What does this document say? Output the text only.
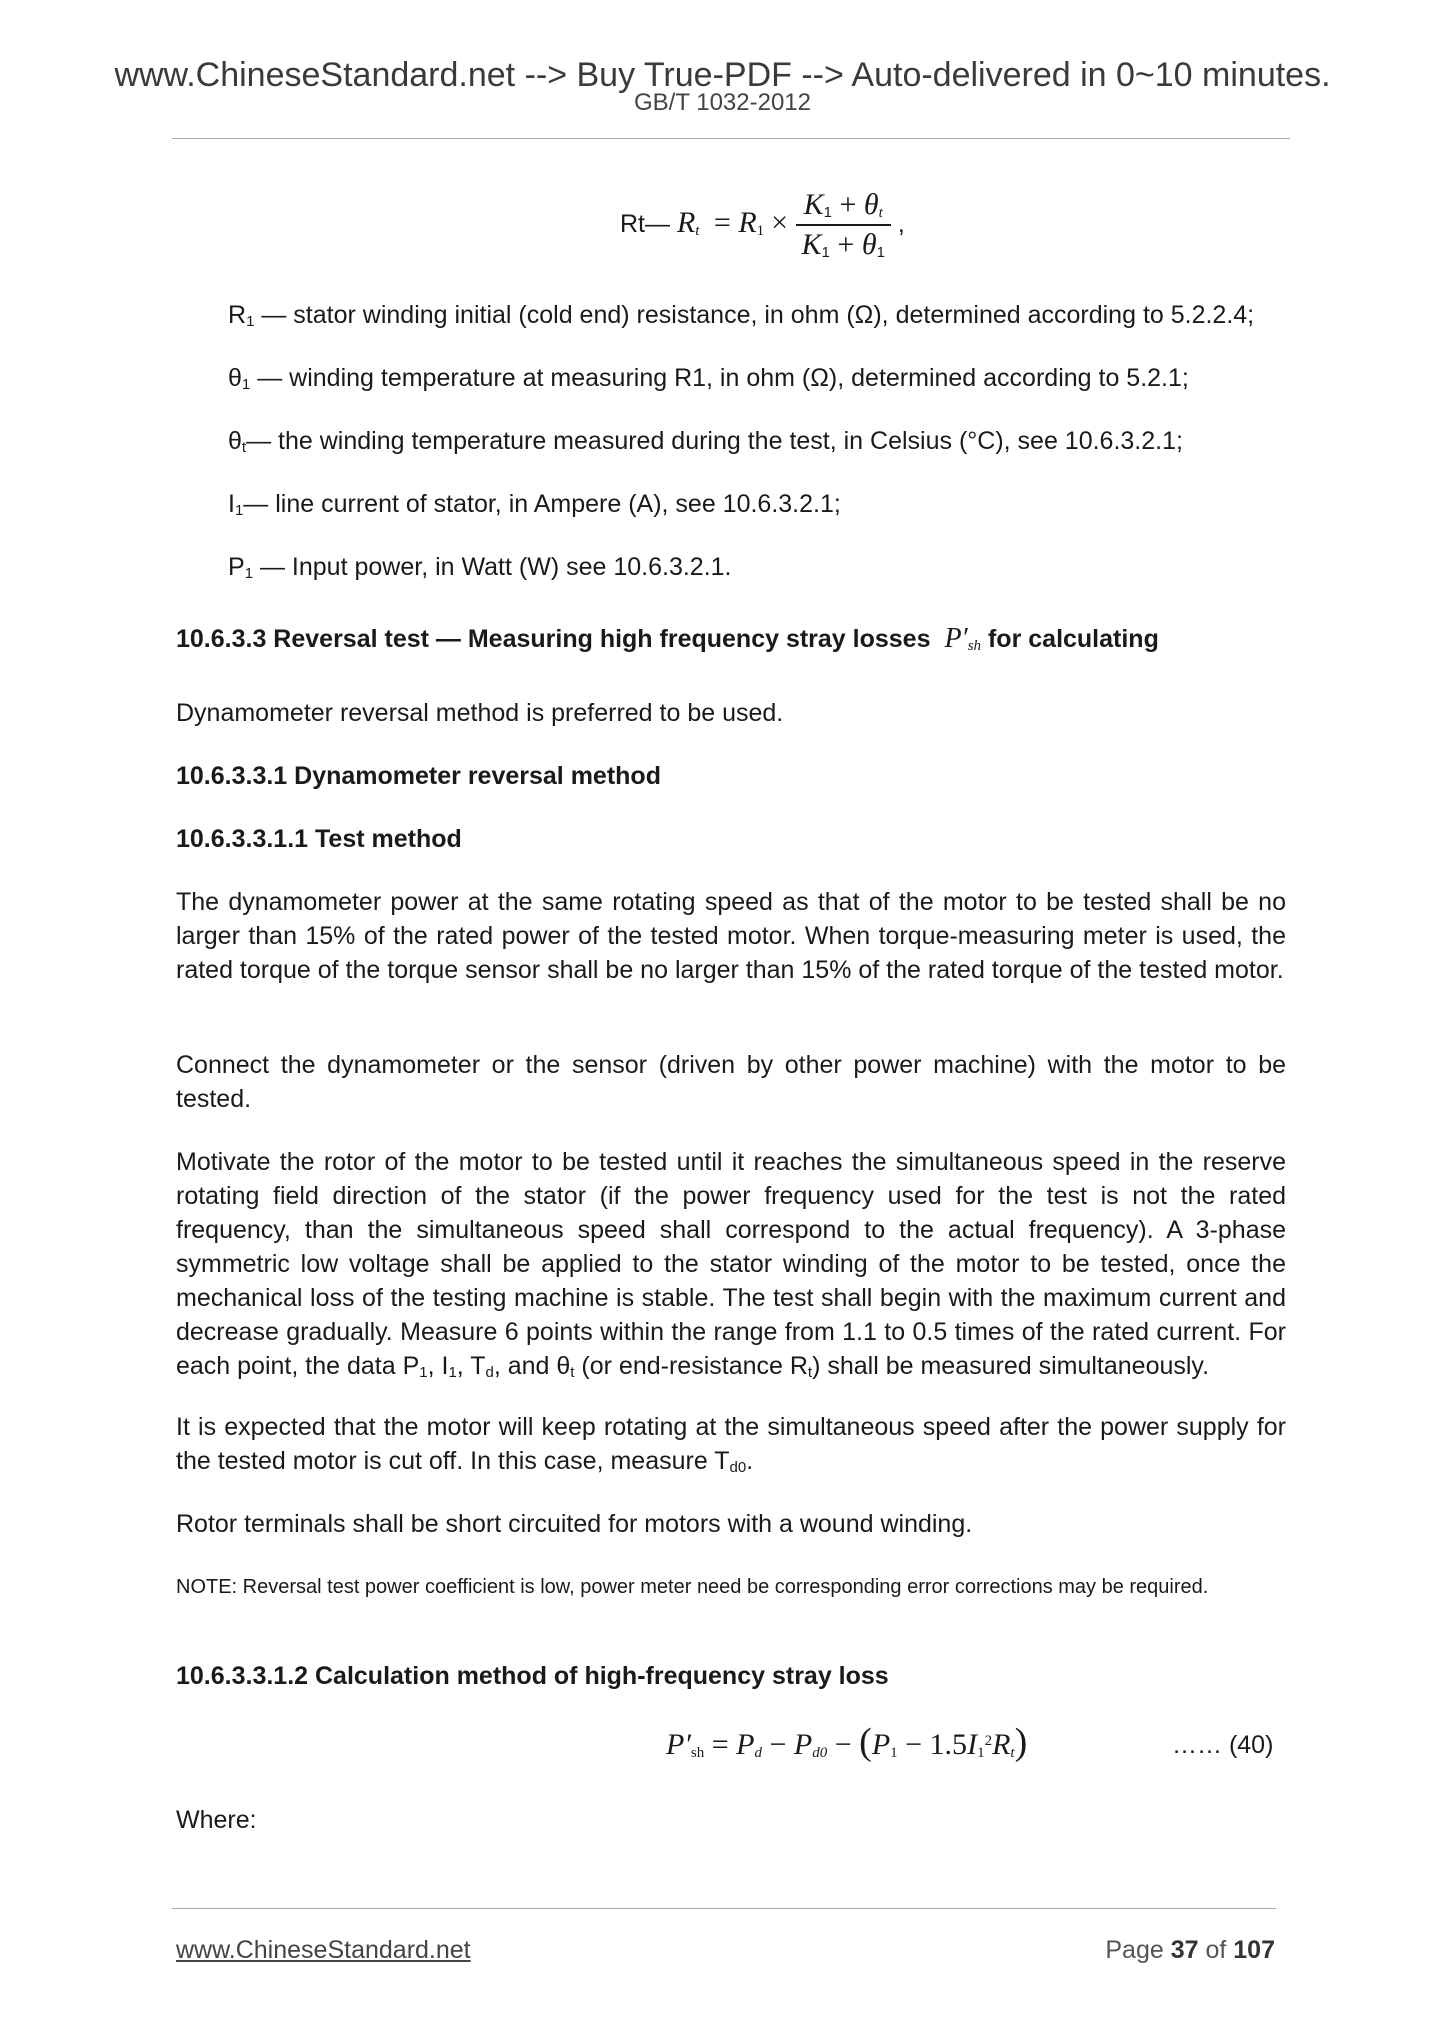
www.ChineseStandard.net --> Buy True-PDF --> Auto-delivered in 0~10 minutes.
GB/T 1032-2012
Rt— $R_t = R_1 \times \frac{K_1 + \theta_t}{K_1 + \theta_1}$ ,
$R_1$ — stator winding initial (cold end) resistance, in ohm (Ω), determined according to 5.2.2.4;
$\theta_1$ — winding temperature at measuring R1, in ohm (Ω), determined according to 5.2.1;
$\theta_t—$ the winding temperature measured during the test, in Celsius (°C), see 10.6.3.2.1;
$I_1—$ line current of stator, in Ampere (A), see 10.6.3.2.1;
$P_1$ — Input power, in Watt (W) see 10.6.3.2.1.
10.6.3.3 Reversal test — Measuring high frequency stray losses  $P'_{sh}$ for calculating
Dynamometer reversal method is preferred to be used.
10.6.3.3.1 Dynamometer reversal method
10.6.3.3.1.1 Test method
The dynamometer power at the same rotating speed as that of the motor to be tested shall be no larger than 15% of the rated power of the tested motor. When torque-measuring meter is used, the rated torque of the torque sensor shall be no larger than 15% of the rated torque of the tested motor.
Connect the dynamometer or the sensor (driven by other power machine) with the motor to be tested.
Motivate the rotor of the motor to be tested until it reaches the simultaneous speed in the reserve rotating field direction of the stator (if the power frequency used for the test is not the rated frequency, than the simultaneous speed shall correspond to the actual frequency). A 3-phase symmetric low voltage shall be applied to the stator winding of the motor to be tested, once the mechanical loss of the testing machine is stable. The test shall begin with the maximum current and decrease gradually. Measure 6 points within the range from 1.1 to 0.5 times of the rated current. For each point, the data $P_1$, $I_1$, $T_d$, and $\theta_t$ (or end-resistance $R_t$) shall be measured simultaneously.
It is expected that the motor will keep rotating at the simultaneous speed after the power supply for the tested motor is cut off. In this case, measure $T_{d0}$.
Rotor terminals shall be short circuited for motors with a wound winding.
NOTE: Reversal test power coefficient is low, power meter need be corresponding error corrections may be required.
10.6.3.3.1.2 Calculation method of high-frequency stray loss
$P'_{sh} = P_d - P_{d0} - (P_1 - 1.5I_1^2R_t)$	…… (40)
Where:
www.ChineseStandard.net	Page 37 of 107
